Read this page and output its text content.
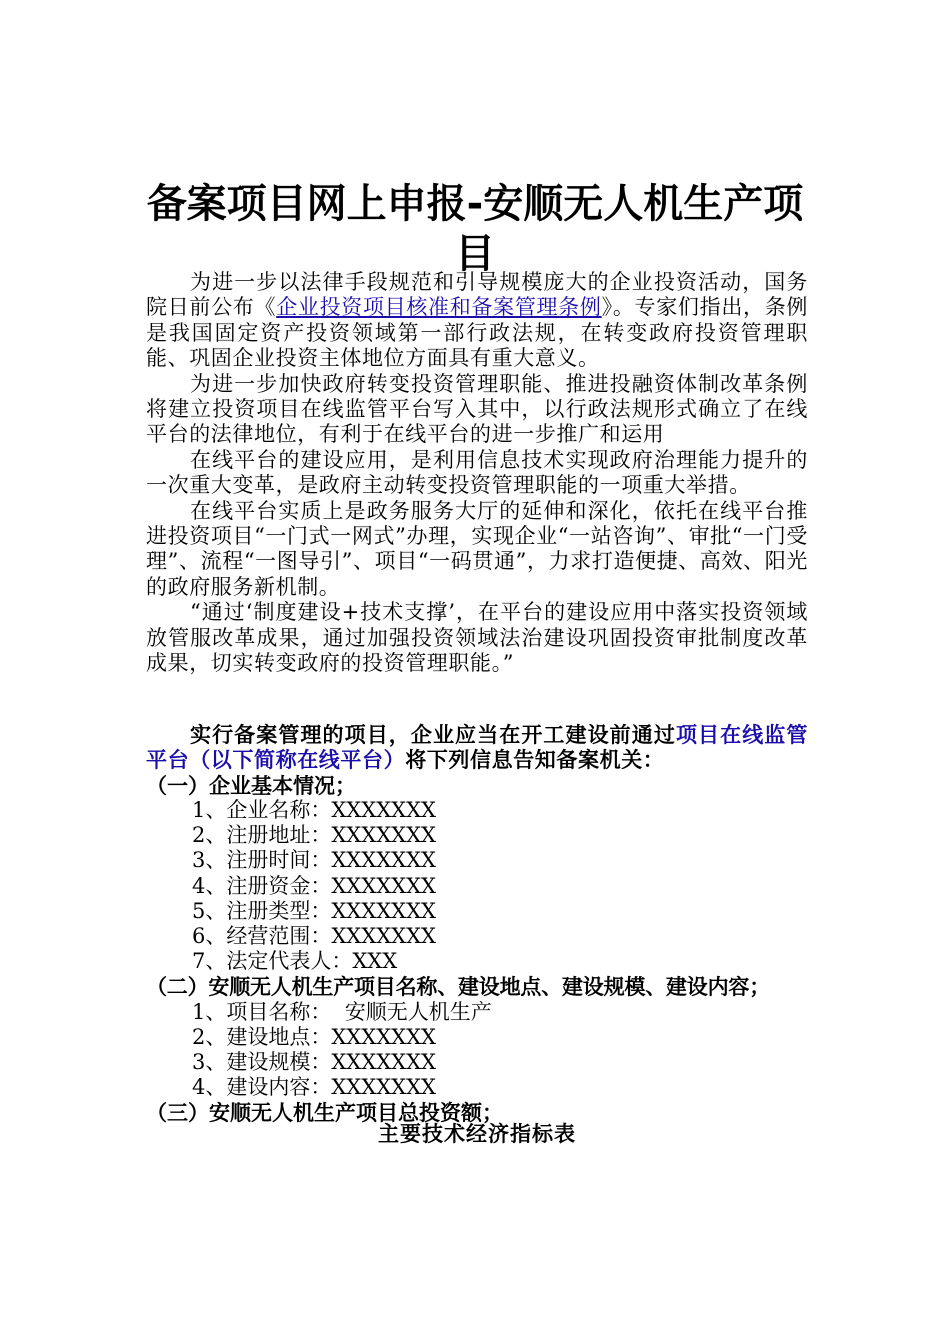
备案项目网上申报-安顺无人机生产项
目

为进一步以法律手段规范和引导规模庞大的企业投资活动，国务院日前公布《企业投资项目核准和备案管理条例》。专家们指出，条例是我国固定资产投资领域第一部行政法规，在转变政府投资管理职能、巩固企业投资主体地位方面具有重大意义。

为进一步加快政府转变投资管理职能、推进投融资体制改革条例将建立投资项目在线监管平台写入其中，以行政法规形式确立了在线平台的法律地位，有利于在线平台的进一步推广和运用

在线平台的建设应用，是利用信息技术实现政府治理能力提升的一次重大变革，是政府主动转变投资管理职能的一项重大举措。

在线平台实质上是政务服务大厅的延伸和深化，依托在线平台推进投资项目“一门式一网式”办理，实现企业“一站咨询”、审批“一门受理”、流程“一图导引”、项目“一码贯通”，力求打造便捷、高效、阳光的政府服务新机制。

“通过‘制度建设+技术支撑’，在平台的建设应用中落实投资领域放管服改革成果，通过加强投资领域法治建设巩固投资审批制度改革成果，切实转变政府的投资管理职能。”

实行备案管理的项目，企业应当在开工建设前通过项目在线监管平台（以下简称在线平台）将下列信息告知备案机关：

（一）企业基本情况；

1、企业名称：XXXXXXX

2、注册地址：XXXXXXX

3、注册时间：XXXXXXX

4、注册资金：XXXXXXX

5、注册类型：XXXXXXX

6、经营范围：XXXXXXX

7、法定代表人：XXX

（二）安顺无人机生产项目名称、建设地点、建设规模、建设内容；

1、项目名称：  安顺无人机生产

2、建设地点：XXXXXXX

3、建设规模：XXXXXXX

4、建设内容：XXXXXXX

（三）安顺无人机生产项目总投资额；

主要技术经济指标表
